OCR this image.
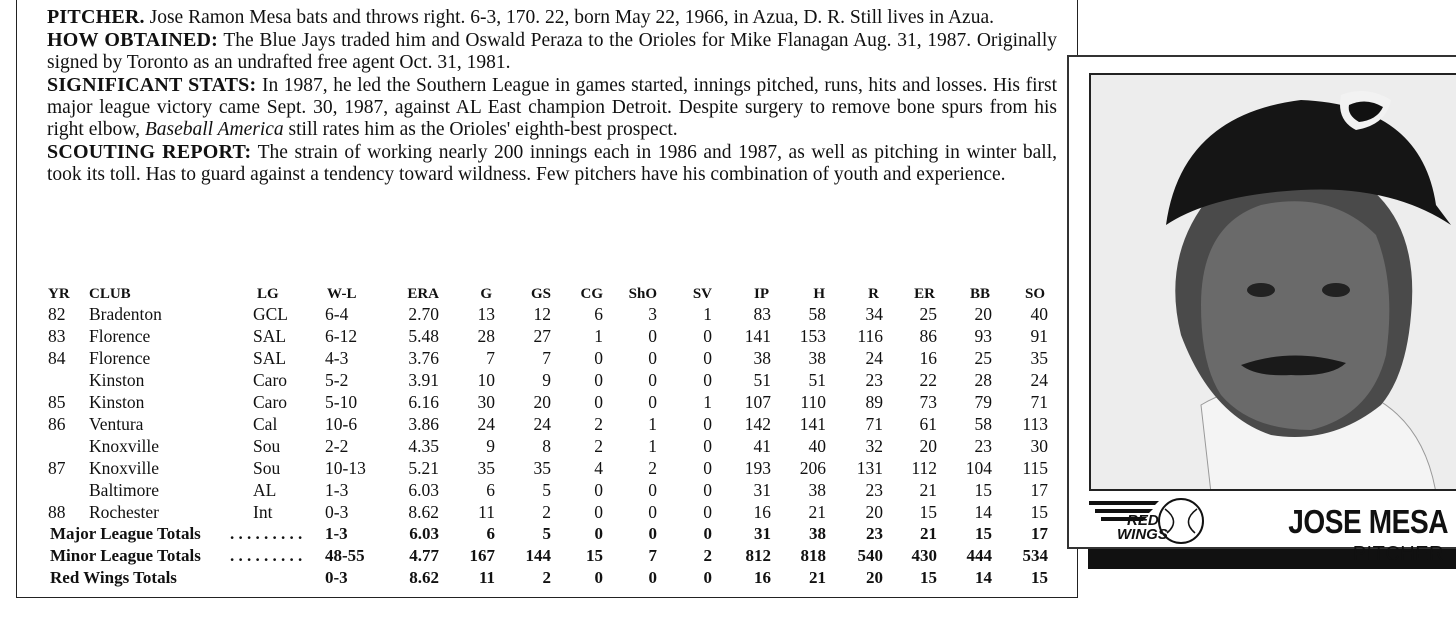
PITCHER. Jose Ramon Mesa bats and throws right. 6-3, 170. 22, born May 22, 1966, in Azua, D. R. Still lives in Azua.

HOW OBTAINED: The Blue Jays traded him and Oswald Peraza to the Orioles for Mike Flanagan Aug. 31, 1987. Originally signed by Toronto as an undrafted free agent Oct. 31, 1981.

SIGNIFICANT STATS: In 1987, he led the Southern League in games started, innings pitched, runs, hits and losses. His first major league victory came Sept. 30, 1987, against AL East champion Detroit. Despite surgery to remove bone spurs from his right elbow, Baseball America still rates him as the Orioles' eighth-best prospect.

SCOUTING REPORT: The strain of working nearly 200 innings each in 1986 and 1987, as well as pitching in winter ball, took its toll. Has to guard against a tendency toward wildness. Few pitchers have his combination of youth and experience.

YR CLUB	LG	W-L	ERA	G	GS CG ShO SV	IP	H	R ER BB SO
82 Bradenton	GCL 6-4	2.70 13 12 6	3	1 83 58 34 25 20 40
83 Florence	SAL 6-12	5.48 28 27 1	0	0 141 153 116 86 93 91
84 Florence	SAL 4-3	3.76	7	7 0	0	0 38 38 24 16 25 35
Kinston	Caro 5-2	3.91 10	9 0	0	0 51 51 23 22 28 24
85 Kinston	Caro 5-10	6.16 30 20 0	0	1 107 110 89 73 79 71
86 Ventura	Cal	10-6	3.86 24 24 2	1	0 142 141 71 61 58 113
Knoxville	Sou	2-2	4.35	9	8 2	1	0 41 40 32 20 23 30
87 Knoxville	Sou	10-13 5.21 35 35 4	2	0 193 206 131 112 104 115
Baltimore	AL	1-3	6.03	6	5 0	0	0 31 38 23 21 15 17
88 Rochester	Int	0-3	8.62 11	2 0	0	0 16 21 20 15 14 15
Major League Totals . . . . . . . . . 1-3	6.03	6	5	0	0	0 31 38 23 21 15 17
Minor League Totals . . . . . . . . . 48-55	4.77 167 144 15	7	2 812 818 540 430 444 534
Red Wings Totals	0-3	8.62 11	2	0	0	0 16 21 20 15 14 15
RED
WINGS	JOSE MESA
PITCHER
